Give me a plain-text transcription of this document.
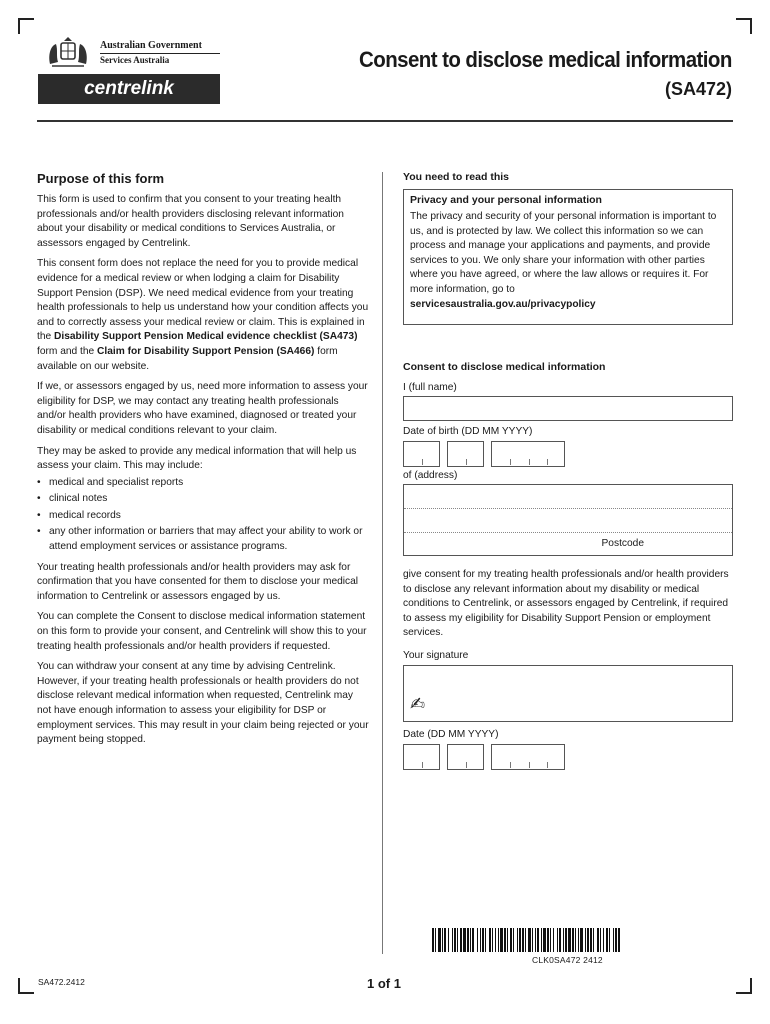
Australian Government
Services Australia
centrelink
Consent to disclose medical information
(SA472)
Purpose of this form

This form is used to confirm that you consent to your treating health professionals and/or health providers disclosing relevant information about your disability or medical conditions to Services Australia, or assessors engaged by Centrelink.

This consent form does not replace the need for you to provide medical evidence for a medical review or when lodging a claim for Disability Support Pension (DSP). We need medical evidence from your treating health professionals to help us understand how your condition affects you and to correctly assess your medical review or claim. This is explained in the Disability Support Pension Medical evidence checklist (SA473) form and the Claim for Disability Support Pension (SA466) form available on our website.

If we, or assessors engaged by us, need more information to assess your eligibility for DSP, we may contact any treating health professionals and/or health providers who have examined, diagnosed or treated your disability or medical conditions relevant to your claim.

They may be asked to provide any medical information that will help us assess your claim. This may include:

• medical and specialist reports
• clinical notes
• medical records
• any other information or barriers that may affect your ability to work or attend employment services or assistance programs.

Your treating health professionals and/or health providers may ask for confirmation that you have consented for them to disclose your medical information to Centrelink or assessors engaged by us.

You can complete the Consent to disclose medical information statement on this form to provide your consent, and Centrelink will show this to your treating health professionals and/or health providers if requested.

You can withdraw your consent at any time by advising Centrelink. However, if your treating health professionals or health providers do not disclose relevant medical information when requested, Centrelink may not have enough information to assess your eligibility for DSP or employment services. This may result in your claim being rejected or your payment being stopped.

You need to read this
Privacy and your personal information
The privacy and security of your personal information is important to us, and is protected by law. We collect this information so we can process and manage your applications and payments, and provide services to you. We only share your information with other parties where you have agreed, or where the law allows or requires it. For more information, go to
servicesaustralia.gov.au/privacypolicy
Consent to disclose medical information
I (full name)
Date of birth (DD MM YYYY)
of (address)
Postcode
give consent for my treating health professionals and/or health providers to disclose any relevant information about my disability or medical conditions to Centrelink, or assessors engaged by Centrelink, if required to assess my eligibility for Disability Support Pension or employment services.
Your signature
✍
Date (DD MM YYYY)
CLK0SA472 2412
SA472.2412	1 of 1
